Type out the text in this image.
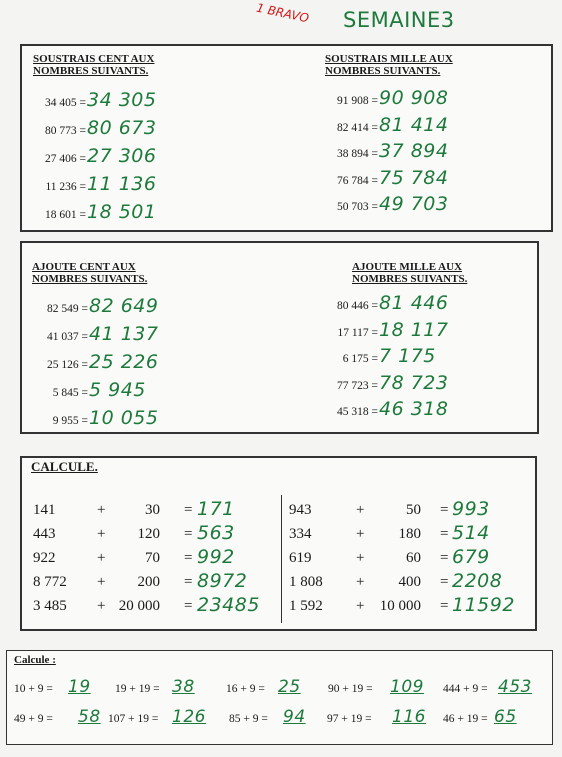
1 BRAVO SEMAINE3
SOUSTRAIS CENT AUX
NOMBRES SUIVANTS.
SOUSTRAIS MILLE AUX
NOMBRES SUIVANTS.
34 405 = 34 305
80 773 = 80 673
27 406 = 27 306
11 236 = 11 136
18 601 = 18 501
91 908 = 90 908
82 414 = 81 414
38 894 = 37 894
76 784 = 75 784
50 703 = 49 703
AJOUTE CENT AUX
NOMBRES SUIVANTS.
AJOUTE MILLE AUX
NOMBRES SUIVANTS.
82 549 = 82 649
41 037 = 41 137
25 126 = 25 226
5 845 = 5 945
9 955 = 10 055
80 446 = 81 446
17 117 = 18 117
6 175 = 7 175
77 723 = 78 723
45 318 = 46 318
CALCULE.
141	+	30 = 171
443	+ 120 = 563
922	+	70 = 992
8 772 + 200 = 8972
3 485 + 20 000 = 23485
943	+	50 = 993
334	+ 180 = 514
619	+	60 = 679
1 808 + 400 = 2208
1 592 + 10 000 = 11592
Calcule :
10 + 9 = 19 19 + 19 = 38	16 + 9 = 25 90 + 19 = 109 444 + 9 = 453
49 + 9 = 58 107 + 19 = 126 85 + 9 = 94 97 + 19 = 116 46 + 19 = 65
